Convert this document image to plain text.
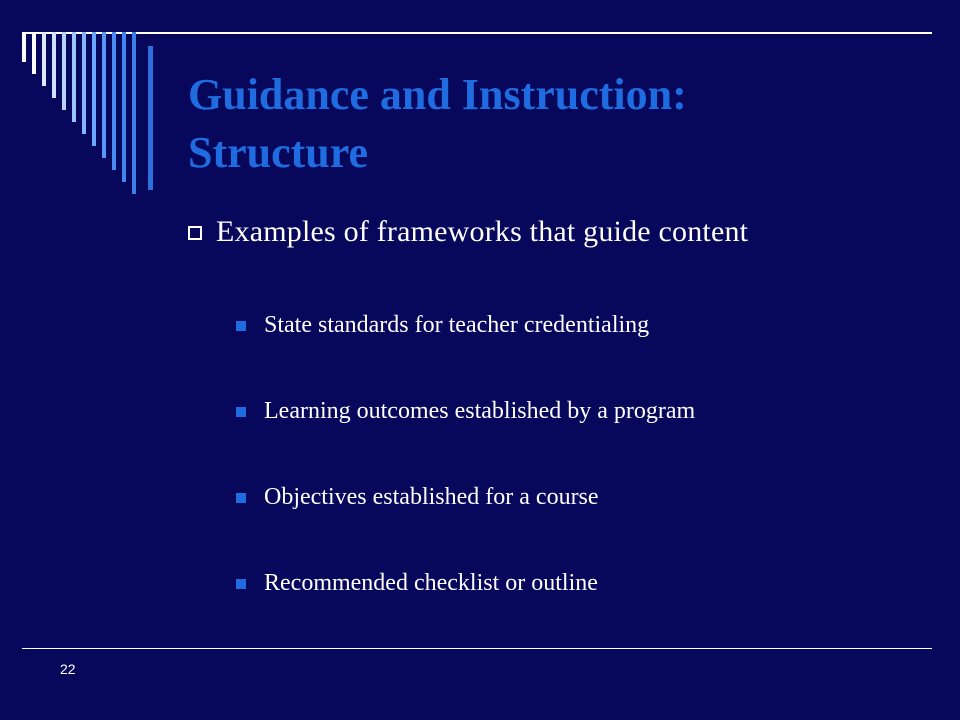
Guidance and Instruction:
Structure
Examples of frameworks that guide content
State standards for teacher credentialing
Learning outcomes established by a program
Objectives established for a course
Recommended checklist or outline
22
